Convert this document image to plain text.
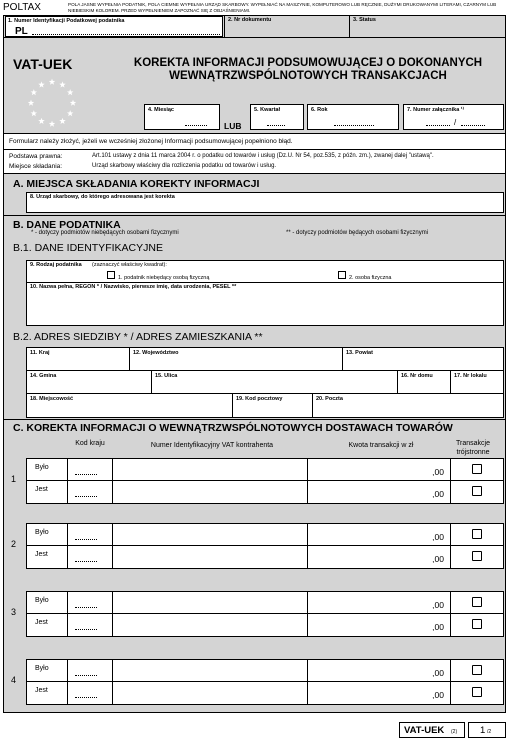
POLTAX	POLA JASNE WYPEŁNIA PODATNIK, POLA CIEMNE WYPEŁNIA URZĄD SKARBOWY. WYPEŁNIAĆ NA MASZYNIE, KOMPUTEROWO LUB RĘCZNIE, DUŻYMI DRUKOWANYMI LITERAMI, CZARNYM LUB NIEBIESKIM KOLOREM. PRZED WYPEŁNIENIEM ZAPOZNAĆ SIĘ Z OBJAŚNIENIAMI.
1. Numer Identyfikacji Podatkowej podatnika
PL
2. Nr dokumentu	3. Status
VAT-UEK	KOREKTA INFORMACJI PODSUMOWUJĄCEJ O DOKONANYCH
WEWNĄTRZWSPÓLNOTOWYCH TRANSAKCJACH
4. Miesiąc
LUB
5. Kwartał	6. Rok	7. Numer załącznika ¹⁾
/
Formularz należy złożyć, jeżeli we wcześniej złożonej Informacji podsumowującej popełniono błąd.
Podstawa prawna:	Art.101 ustawy z dnia 11 marca 2004 r. o podatku od towarów i usług (Dz.U. Nr 54, poz.535, z późn. zm.), zwanej dalej "ustawą".
Miejsce składania:	Urząd skarbowy właściwy dla rozliczenia podatku od towarów i usług.
A. MIEJSCA SKŁADANIA KOREKTY INFORMACJI
8. Urząd skarbowy, do którego adresowana jest korekta
B. DANE PODATNIKA
* - dotyczy podmiotów niebędących osobami fizycznymi	** - dotyczy podmiotów będących osobami fizycznymi
B.1. DANE IDENTYFIKACYJNE
9. Rodzaj podatnika (zaznaczyć właściwy kwadrat):
1. podatnik niebędący osobą fizyczną	2. osoba fizyczna
10. Nazwa pełna, REGON * / Nazwisko, pierwsze imię, data urodzenia, PESEL **
B.2. ADRES SIEDZIBY * / ADRES ZAMIESZKANIA **
11. Kraj	12. Województwo	13. Powiat
14. Gmina	15. Ulica	16. Nr domu	17. Nr lokalu
18. Miejscowość	19. Kod pocztowy	20. Poczta
C. KOREKTA INFORMACJI O WEWNĄTRZWSPÓLNOTOWYCH DOSTAWACH TOWARÓW
Kod kraju	Numer Identyfikacyjny VAT kontrahenta	Kwota transakcji w zł	Transakcje trójstronne
1
Było	,00
Jest	,00
2
Było	,00
Jest	,00
3
Było	,00
Jest	,00
4
Było	,00
Jest	,00
VAT-UEK (2) 1 /2
